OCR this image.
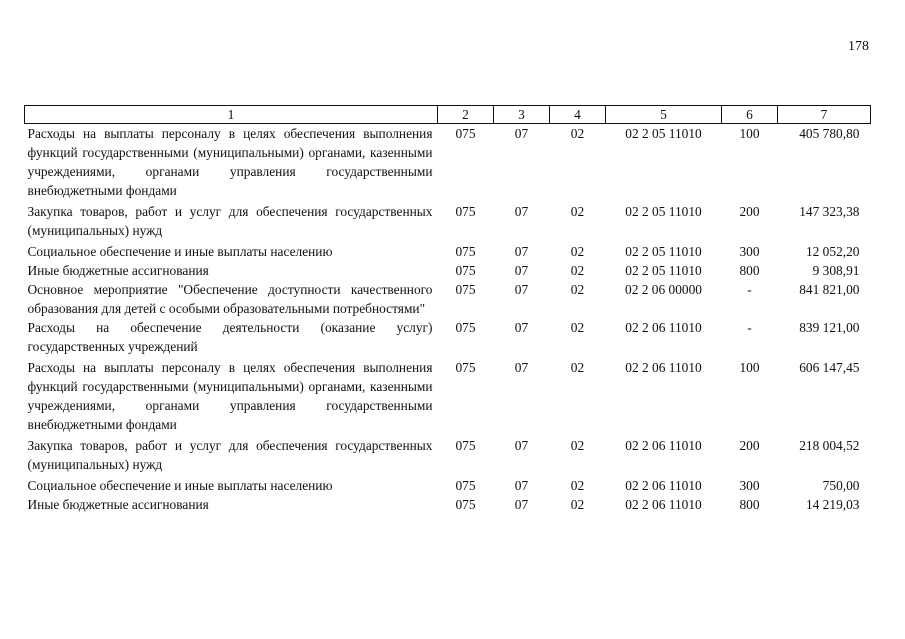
178
1	2	3	4	5	6	7
Расходы на выплаты персоналу в целях обеспечения выполнения функций государственными (муниципальными) органами, казенными учреждениями, органами управления государственными внебюджетными фондами	075	07	02	02 2 05 11010	100	405 780,80
Закупка товаров, работ и услуг для обеспечения государственных (муниципальных) нужд	075	07	02	02 2 05 11010	200	147 323,38
Социальное обеспечение и иные выплаты населению	075	07	02	02 2 05 11010	300	12 052,20
Иные бюджетные ассигнования	075	07	02	02 2 05 11010	800	9 308,91
Основное мероприятие "Обеспечение доступности качественного образования для детей с особыми образовательными потребностями"	075	07	02	02 2 06 00000	-	841 821,00
Расходы на обеспечение деятельности (оказание услуг) государственных учреждений	075	07	02	02 2 06 11010	-	839 121,00
Расходы на выплаты персоналу в целях обеспечения выполнения функций государственными (муниципальными) органами, казенными учреждениями, органами управления государственными внебюджетными фондами	075	07	02	02 2 06 11010	100	606 147,45
Закупка товаров, работ и услуг для обеспечения государственных (муниципальных) нужд	075	07	02	02 2 06 11010	200	218 004,52
Социальное обеспечение и иные выплаты населению	075	07	02	02 2 06 11010	300	750,00
Иные бюджетные ассигнования	075	07	02	02 2 06 11010	800	14 219,03
